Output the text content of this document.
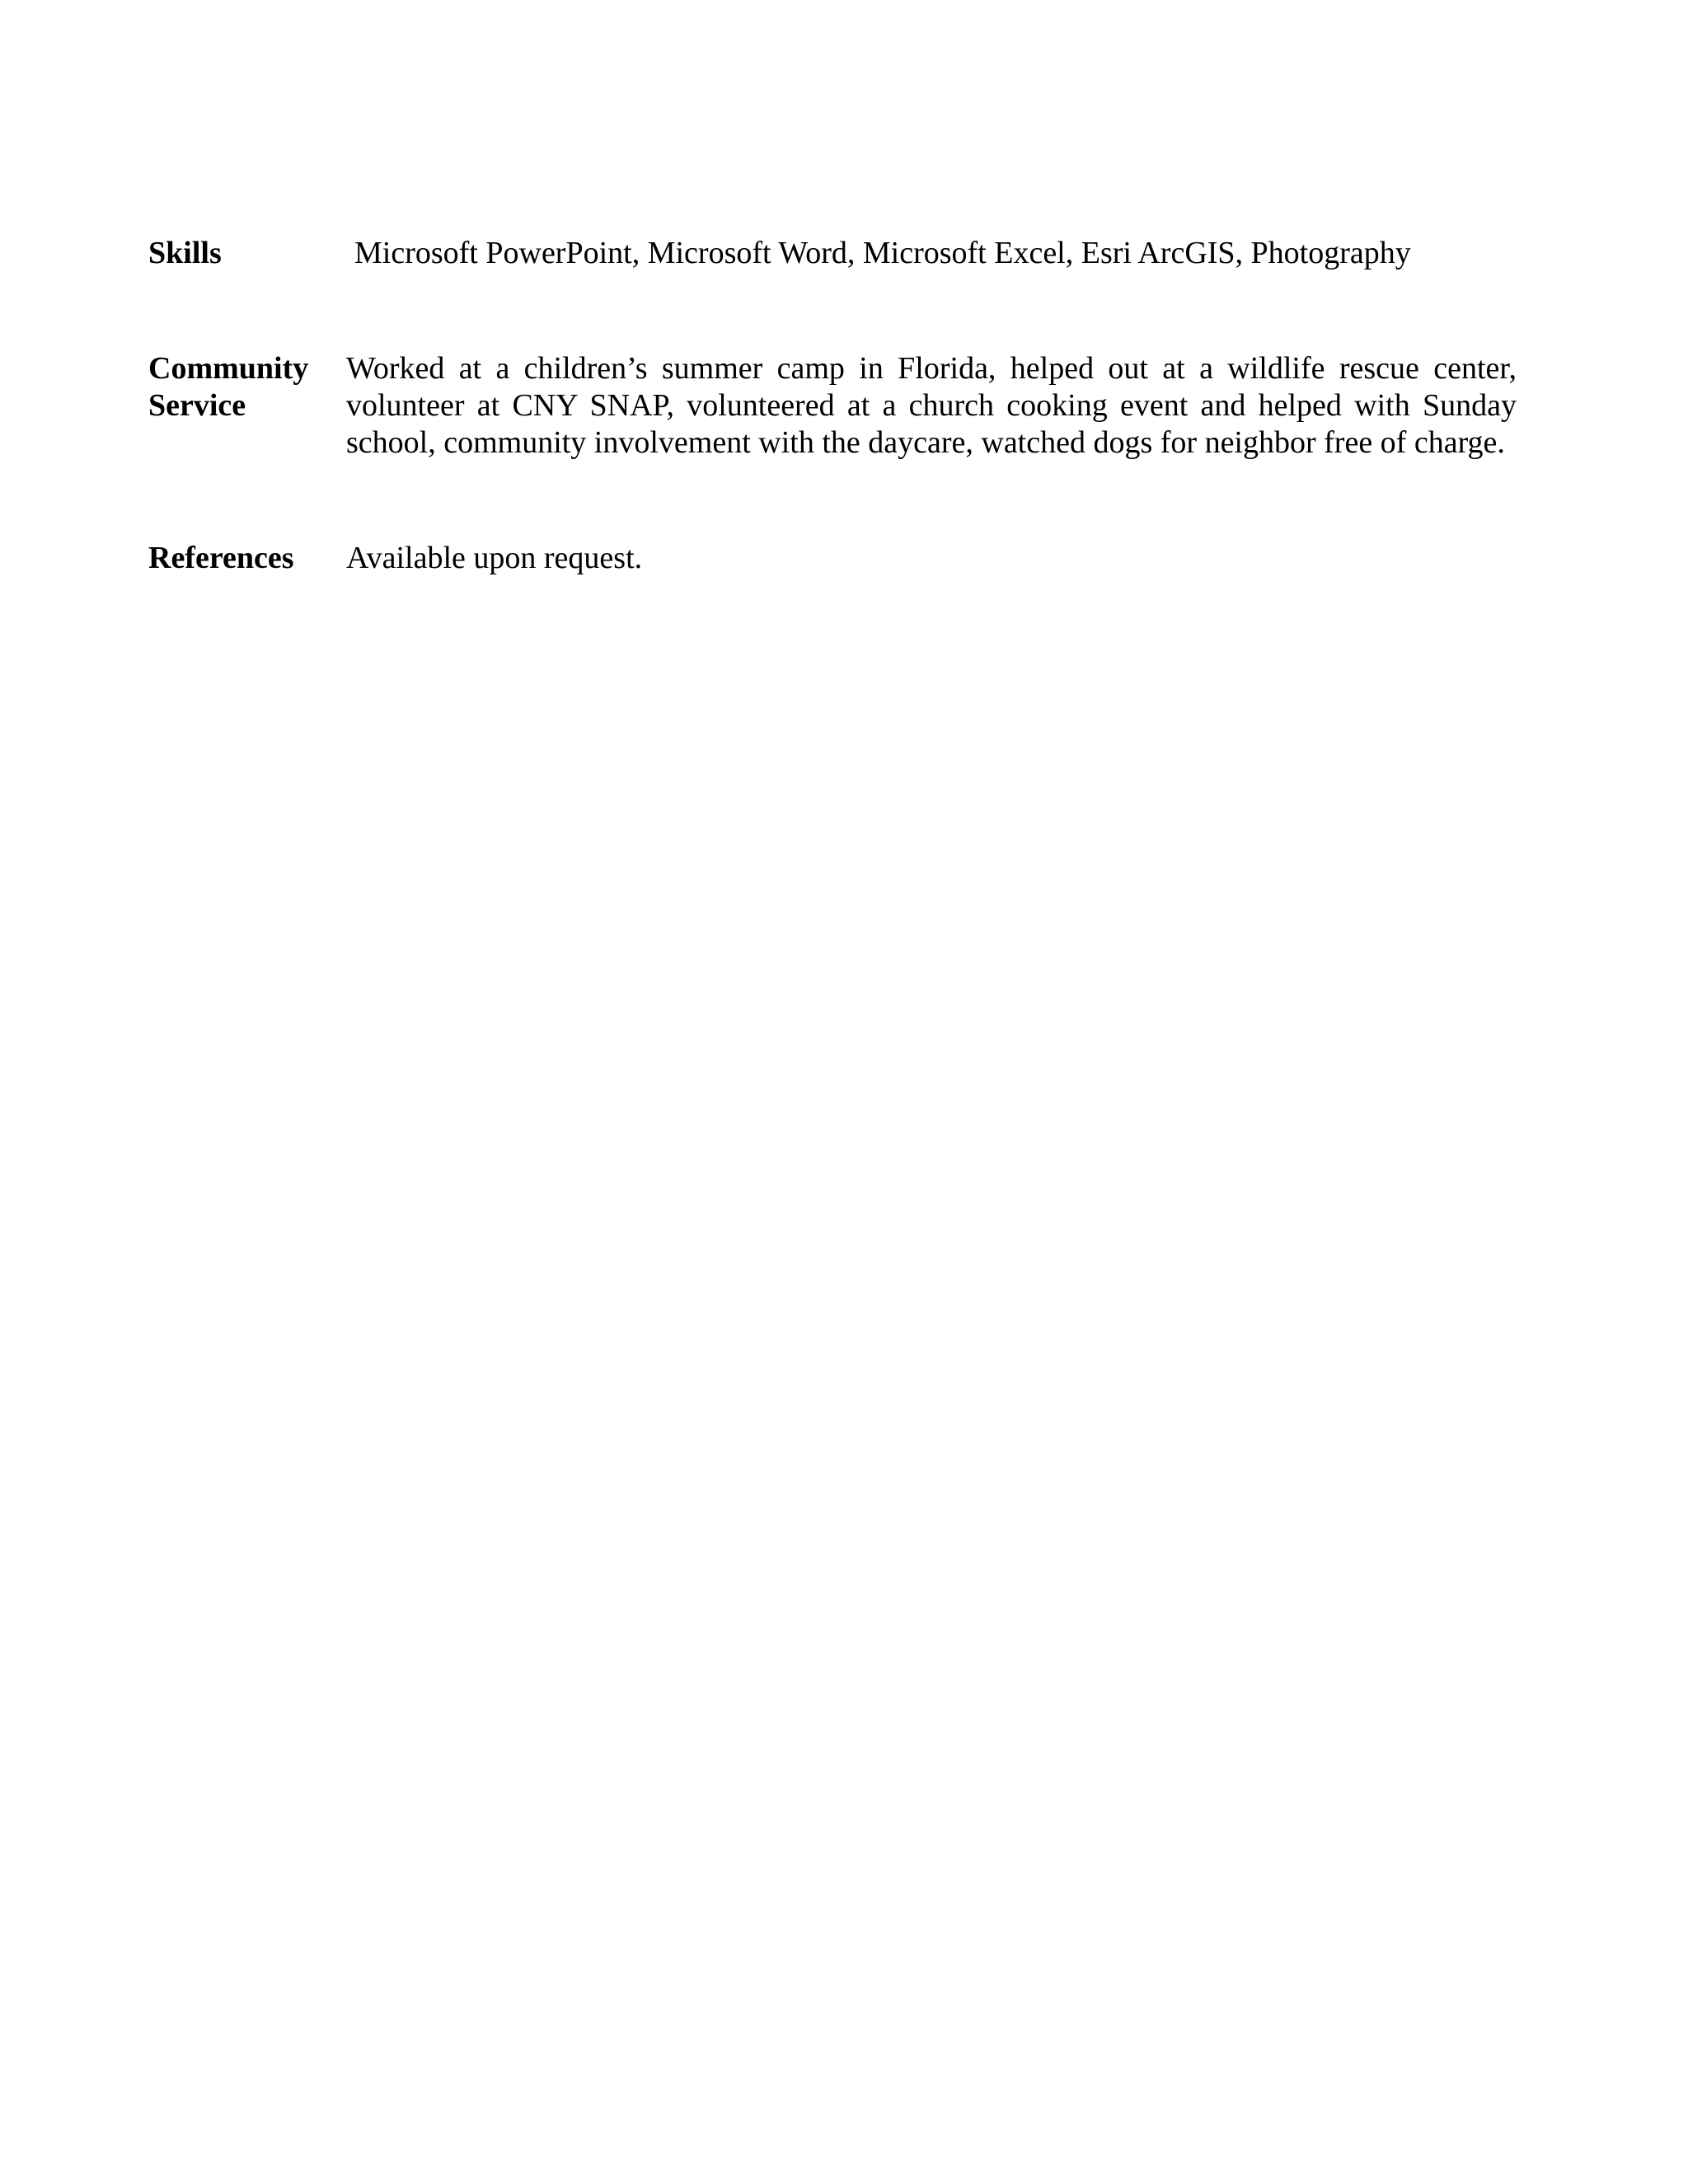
Skills	Microsoft PowerPoint, Microsoft Word, Microsoft Excel, Esri ArcGIS, Photography
Community
Service
Worked at a children’s summer camp in Florida, helped out at a wildlife rescue center, volunteer at CNY SNAP, volunteered at a church cooking event and helped with Sunday school, community involvement with the daycare, watched dogs for neighbor free of charge.
References	Available upon request.
